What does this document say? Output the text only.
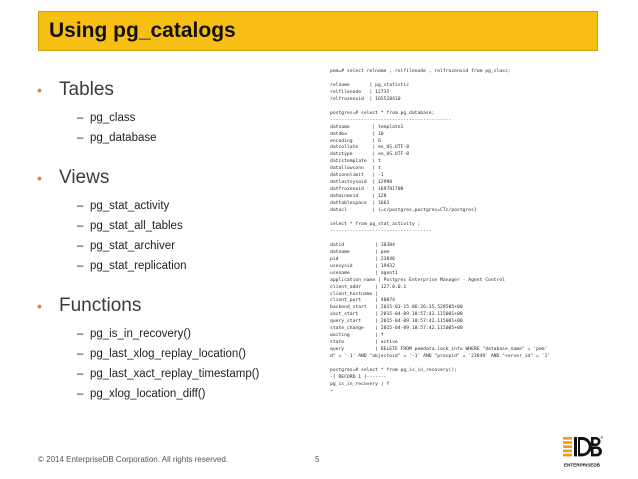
Using pg_catalogs
• Tables
– pg_class
– pg_database
• Views
– pg_stat_activity
– pg_stat_all_tables
– pg_stat_archiver
– pg_stat_replication
• Functions
– pg_is_in_recovery()
– pg_last_xlog_replay_location()
– pg_last_xact_replay_timestamp()
– pg_xlog_location_diff()
pem=# select relname , relfilenode , relfrozenxid from pg_class;

relname       | pg_statistic
relfilenode   | 12735
relfrozenxid  | 165528410

postgres=# select * from pg_database;
-------------------------------------------
datname        | template1
datdba         | 10
encoding       | 6
datcollate     | en_US.UTF-8
datctype       | en_US.UTF-8
datistemplate  | t
datallowconn   | t
datconnlimit   | -1
datlastsysoid  | 12998
datfrozenxid   | 169781700
datminmxid     | 128
dattablespace  | 1663
datacl         | {=c/postgres,postgres=CTc/postgres}

select * from pg_stat_activity ;
------------------------------------

datid           | 16384
datname         | pem
pid             | 23846
usesysid        | 19432
usename         | agent1
application_name | Postgres Enterprise Manager - Agent Control
client_addr     | 127.0.0.1
client_hostname |
client_port     | 40074
backend_start   | 2015-01-15 06:26:35.528505+00
xact_start      | 2015-04-09 10:57:42.115001+00
query_start     | 2015-04-09 10:57:42.115001+00
state_change    | 2015-04-09 10:57:42.115005+00
waiting         | f
state           | active
query           | DELETE FROM pemdata.lock_info WHERE "database_name" = 'pem'
d" = '-1' AND "objectoid" = '-1' AND "procpid" = '23849' AND "server_id" = '1'

postgres=# select * from pg_is_in_recovery();
-[ RECORD 1 ]-------
pg_is_in_recovery | f
~
© 2014 EnterpriseDB Corporation. All rights reserved.	5
®
ENTERPRISEDB
